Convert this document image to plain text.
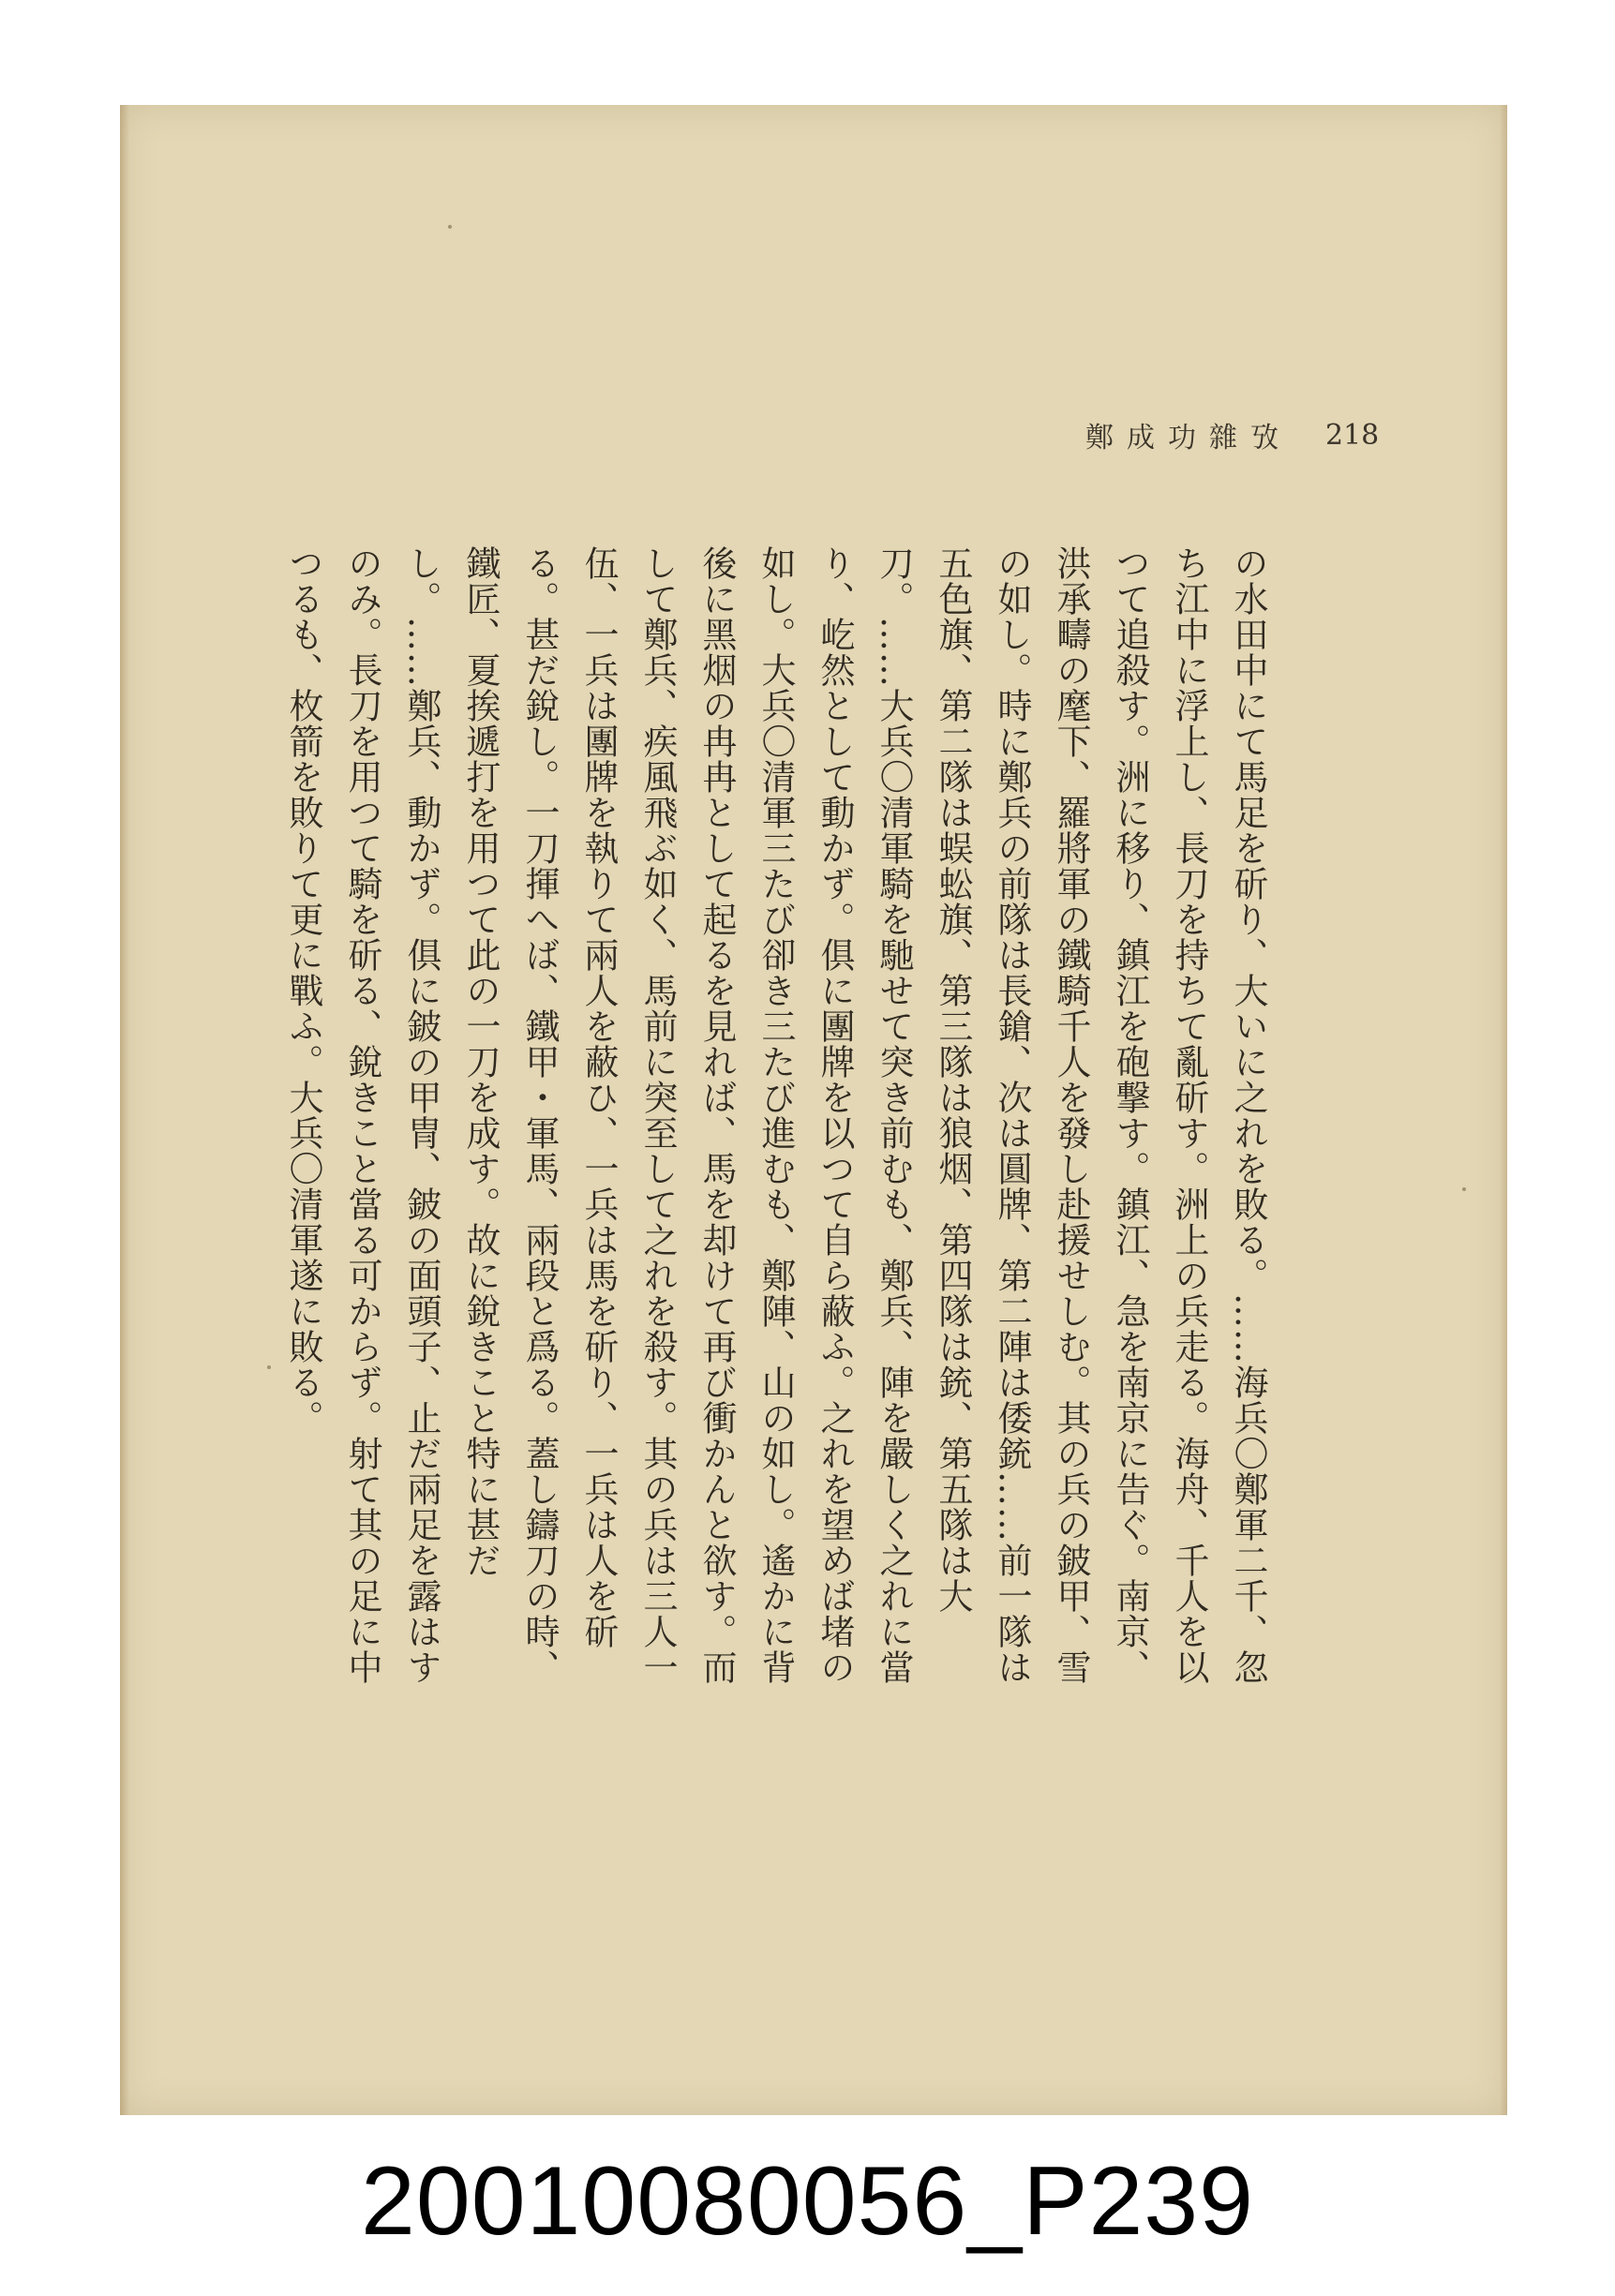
鄭成功雜攷 218

の水田中にて馬足を斫り、大いに之れを敗る。……海兵〇鄭軍二千、忽ち江中に浮上し、長刀を持ちて亂斫す。洲上の兵走る。海舟、千人を以つて追殺す。洲に移り、鎮江を砲撃す。鎮江、急を南京に告ぐ。南京、洪承疇の麾下、羅將軍の鐵騎千人を發し赴援せしむ。其の兵の鈹甲、雪の如し。時に鄭兵の前隊は長鎗、次は圓牌、第二陣は倭銃……前一隊は五色旗、第二隊は蜈蚣旗、第三隊は狼烟、第四隊は銃、第五隊は大刀。……大兵〇清軍騎を馳せて突き前むも、鄭兵、陣を嚴しく之れに當り、屹然として動かず。俱に團牌を以つて自ら蔽ふ。之れを望めば堵の如し。大兵〇清軍三たび卻き三たび進むも、鄭陣、山の如し。遙かに背後に黑烟の冉冉として起るを見れば、馬を却けて再び衝かんと欲す。而して鄭兵、疾風飛ぶ如く、馬前に突至して之れを殺す。其の兵は三人一伍、一兵は團牌を執りて兩人を蔽ひ、一兵は馬を斫り、一兵は人を斫る。甚だ銳し。一刀揮へば、鐵甲・軍馬、兩段と爲る。蓋し鑄刀の時、鐵匠、夏挨遞打を用つて此の一刀を成す。故に銳きこと特に甚だし。……鄭兵、動かず。俱に鈹の甲冑、鈹の面頭子、止だ兩足を露はすのみ。長刀を用つて騎を斫る、銳きこと當る可からず。射て其の足に中つるも、枚箭を敗りて更に戰ふ。大兵〇清軍遂に敗る。

20010080056_P239
